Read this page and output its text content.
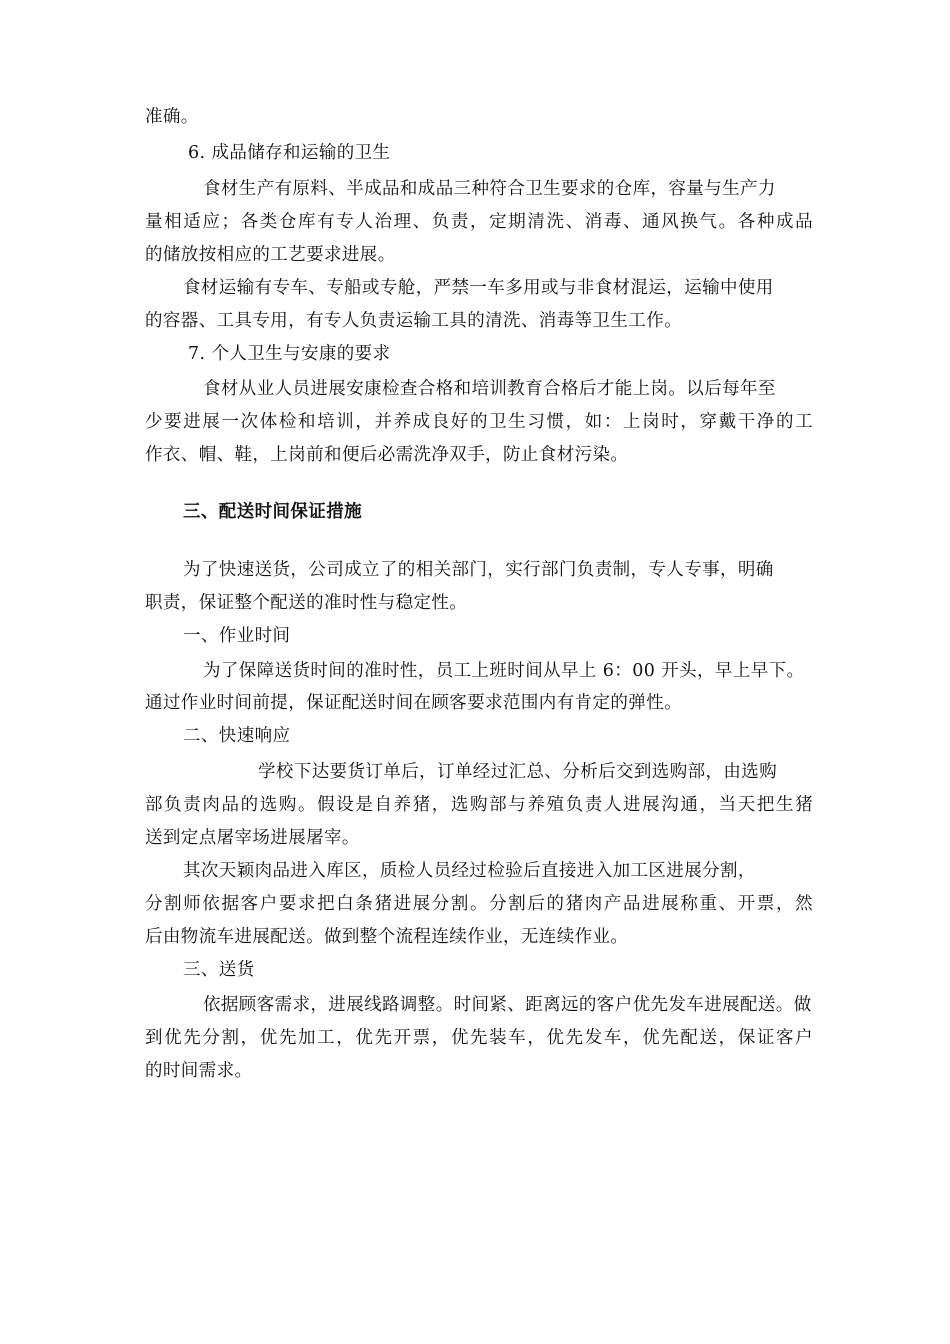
准确。
6. 成品储存和运输的卫生
食材生产有原料、半成品和成品三种符合卫生要求的仓库，容量与生产力
量相适应；各类仓库有专人治理、负责，定期清洗、消毒、通风换气。各种成品
的储放按相应的工艺要求进展。
食材运输有专车、专船或专舱，严禁一车多用或与非食材混运，运输中使用
的容器、工具专用，有专人负责运输工具的清洗、消毒等卫生工作。
7. 个人卫生与安康的要求
食材从业人员进展安康检查合格和培训教育合格后才能上岗。以后每年至
少要进展一次体检和培训，并养成良好的卫生习惯，如：上岗时，穿戴干净的工
作衣、帽、鞋，上岗前和便后必需洗净双手，防止食材污染。
三、配送时间保证措施
为了快速送货，公司成立了的相关部门，实行部门负责制，专人专事，明确
职责，保证整个配送的准时性与稳定性。
一、作业时间
为了保障送货时间的准时性，员工上班时间从早上 6：00 开头，早上早下。
通过作业时间前提，保证配送时间在顾客要求范围内有肯定的弹性。
二、快速响应
学校下达要货订单后，订单经过汇总、分析后交到选购部，由选购
部负责肉品的选购。假设是自养猪，选购部与养殖负责人进展沟通，当天把生猪
送到定点屠宰场进展屠宰。
其次天颖肉品进入库区，质检人员经过检验后直接进入加工区进展分割，
分割师依据客户要求把白条猪进展分割。分割后的猪肉产品进展称重、开票，然
后由物流车进展配送。做到整个流程连续作业，无连续作业。
三、送货
依据顾客需求，进展线路调整。时间紧、距离远的客户优先发车进展配送。做
到优先分割，优先加工，优先开票，优先装车，优先发车，优先配送，保证客户
的时间需求。
